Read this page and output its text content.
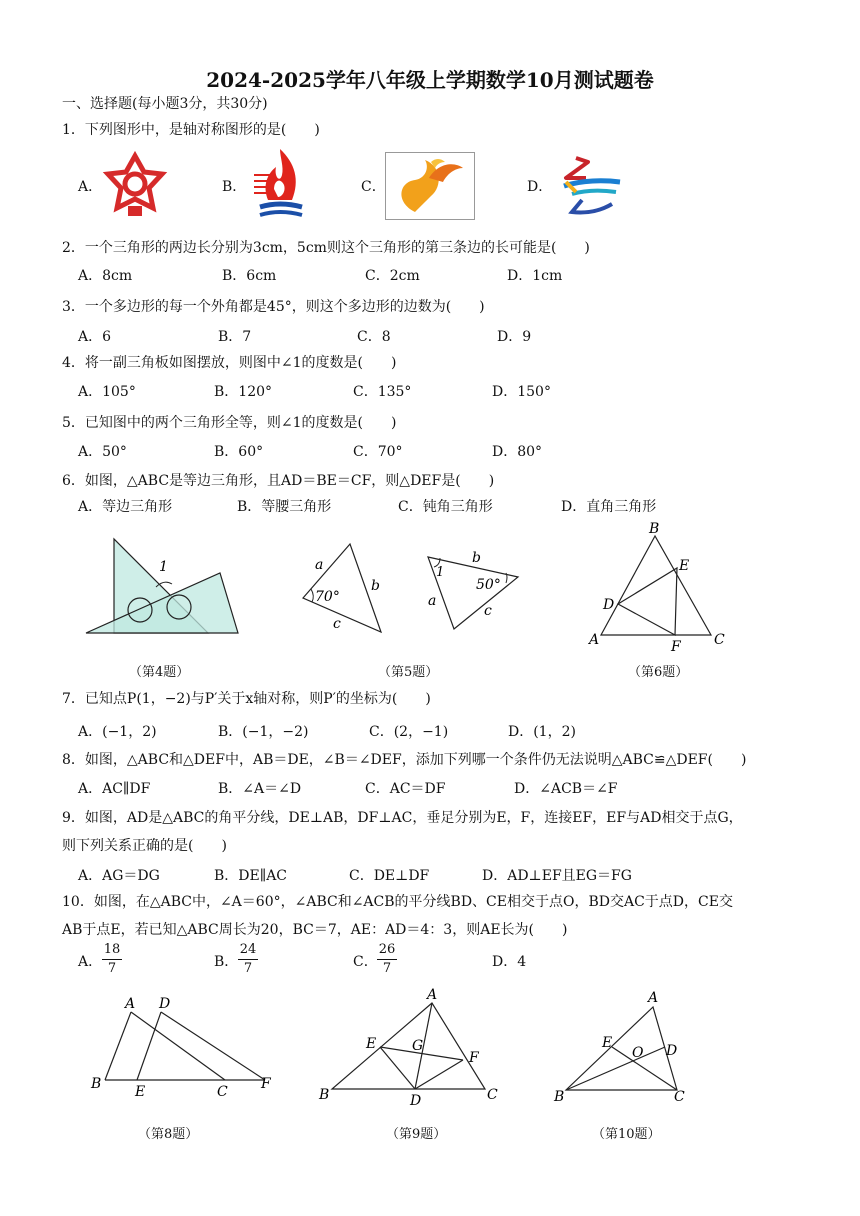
2024-2025学年八年级上学期数学10月测试题卷
一、选择题(每小题3分，共30分)
1．下列图形中，是轴对称图形的是(　　)
A．	B．	C．	D．
2．一个三角形的两边长分别为3cm，5cm则这个三角形的第三条边的长可能是(　　)
A．8cm	B．6cm	C．2cm	D．1cm
3．一个多边形的每一个外角都是45°，则这个多边形的边数为(　　)
A．6	B．7	C．8	D．9
4．将一副三角板如图摆放，则图中∠1的度数是(　　)
A．105°	B．120°	C．135°	D．150°
5．已知图中的两个三角形全等，则∠1的度数是(　　)
A．50°	B．60°	C．70°	D．80°
6．如图，△ABC是等边三角形，且AD＝BE＝CF，则△DEF是(　　)
A．等边三角形	B．等腰三角形	C．钝角三角形	D．直角三角形
1
（第4题）
a
b
c
70°
1
b
a
c
50°
（第5题）
B
A	C
D
E
F
（第6题）
7．已知点P(1，−2)与P′关于x轴对称，则P′的坐标为(　　)
A．(−1，2)	B．(−1，−2)	C．(2，−1)	D．(1，2)
8．如图，△ABC和△DEF中，AB＝DE，∠B＝∠DEF，添加下列哪一个条件仍无法说明△ABC≌△DEF(　　)
A．AC∥DF	B．∠A＝∠D	C．AC＝DF	D．∠ACB＝∠F
9．如图，AD是△ABC的角平分线，DE⊥AB，DF⊥AC，垂足分别为E，F，连接EF，EF与AD相交于点G，
则下列关系正确的是(　　)
A．AG＝DG	B．DE∥AC	C．DE⊥DF	D．AD⊥EF且EG＝FG
10．如图，在△ABC中，∠A＝60°，∠ABC和∠ACB的平分线BD、CE相交于点O，BD交AC于点D，CE交
AB于点E，若已知△ABC周长为20，BC＝7，AE：AD＝4：3，则AE长为(　　)
A．
18
7	B．
24
7	C．
26
7	D．4
A D
B E	C F
（第8题）
A
E	G
F
B	D	C
（第9题）
A
E
O D
B	C
（第10题）
